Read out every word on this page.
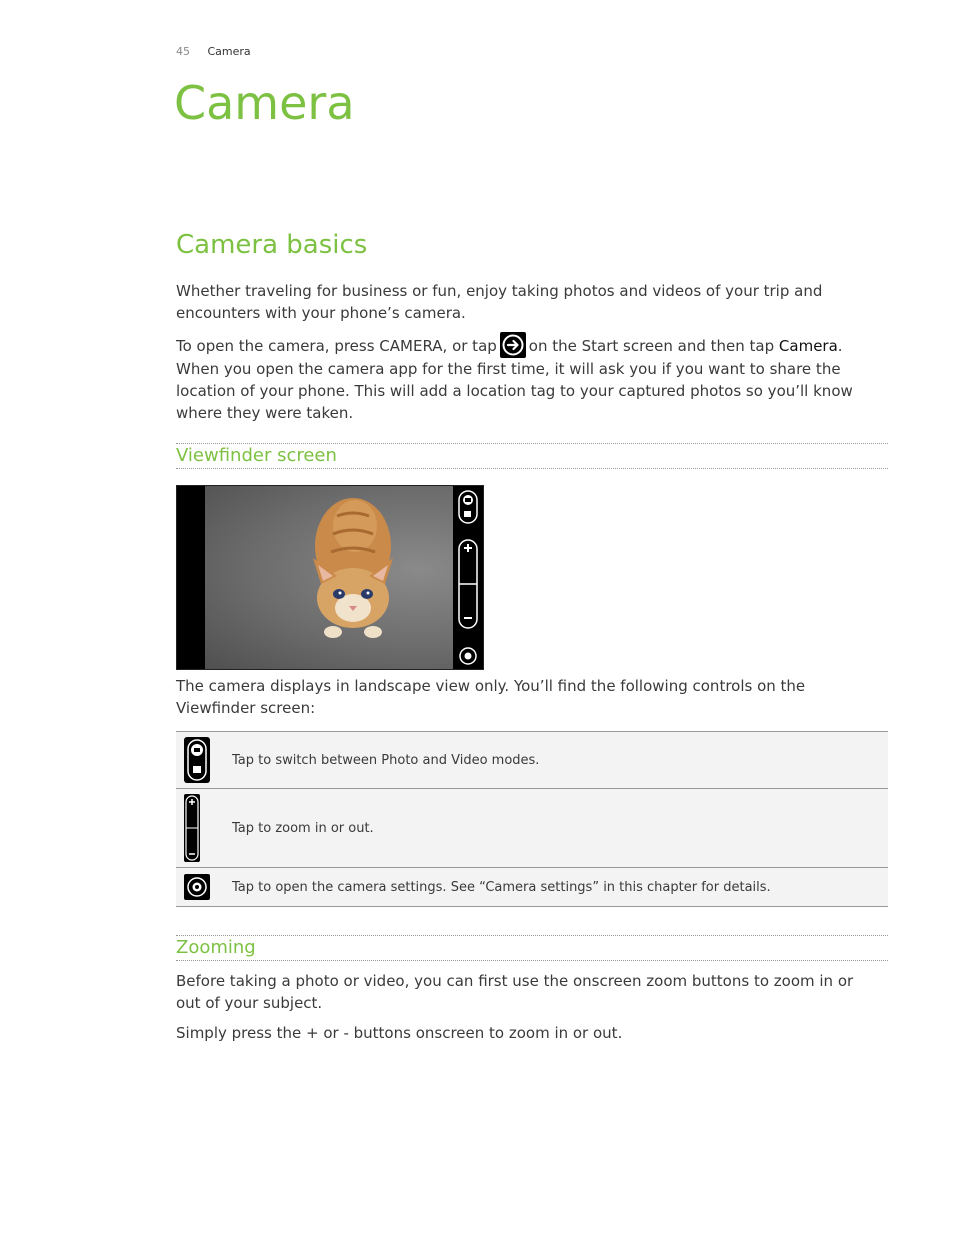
45 Camera
Camera
Camera basics

Whether traveling for business or fun, enjoy taking photos and videos of your trip and encounters with your phone’s camera.

To open the camera, press CAMERA, or tap on the Start screen and then tap Camera. When you open the camera app for the first time, it will ask you if you want to share the location of your phone. This will add a location tag to your captured photos so you’ll know where they were taken.

Viewfinder screen

The camera displays in landscape view only. You’ll find the following controls on the Viewfinder screen:

	Tap to switch between Photo and Video modes.

	Tap to zoom in or out.

	Tap to open the camera settings. See “Camera settings” in this chapter for details.
Zooming

Before taking a photo or video, you can first use the onscreen zoom buttons to zoom in or out of your subject.

Simply press the + or - buttons onscreen to zoom in or out.
